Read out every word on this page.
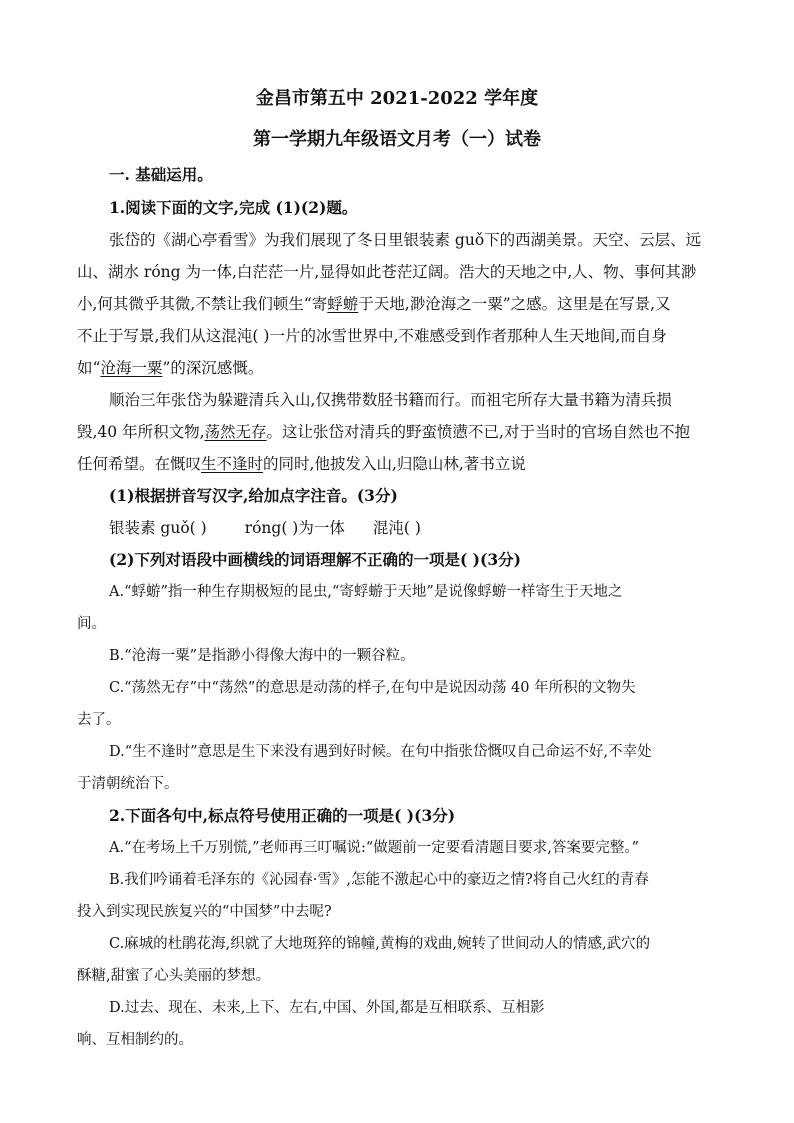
金昌市第五中 2021-2022 学年度
第一学期九年级语文月考（一）试卷
一. 基础运用。
1.阅读下面的文字,完成 (1)(2)题。
张岱的《湖心亭看雪》为我们展现了冬日里银装素 guǒ下的西湖美景。天空、云层、远
山、湖水 róng 为一体,白茫茫一片,显得如此苍茫辽阔。浩大的天地之中,人、物、事何其渺
小,何其微乎其微,不禁让我们顿生“寄蜉蝣于天地,渺沧海之一粟”之感。这里是在写景,又
不止于写景,我们从这混沌( )一片的冰雪世界中,不难感受到作者那种人生天地间,而自身
如“沧海一粟”的深沉感慨。
顺治三年张岱为躲避清兵入山,仅携带数胫书籍而行。而祖宅所存大量书籍为清兵损
毁,40 年所积文物,荡然无存。这让张岱对清兵的野蛮愤懑不已,对于当时的官场自然也不抱
任何希望。在慨叹生不逢时的同时,他披发入山,归隐山林,著书立说
(1)根据拼音写汉字,给加点字注音。(3分)
银装素 guǒ( ) róng( )为一体 混沌( )
(2)下列对语段中画横线的词语理解不正确的一项是( )(3分)
A.“蜉蝣”指一种生存期极短的昆虫,“寄蜉蝣于天地”是说像蜉蝣一样寄生于天地之
间。
B.“沧海一粟”是指渺小得像大海中的一颗谷粒。
C.“荡然无存”中“荡然”的意思是动荡的样子,在句中是说因动荡 40 年所积的文物失
去了。
D.“生不逢时”意思是生下来没有遇到好时候。在句中指张岱慨叹自己命运不好,不幸处
于清朝统治下。
2.下面各句中,标点符号使用正确的一项是( )(3分)
A.“在考场上千万别慌,”老师再三叮嘱说:“做题前一定要看清题目要求,答案要完整。”
B.我们吟诵着毛泽东的《沁园春·雪》,怎能不激起心中的豪迈之情?将自己火红的青春
投入到实现民族复兴的“中国梦”中去呢?
C.麻城的杜鹃花海,织就了大地斑猝的锦幢,黄梅的戏曲,婉转了世间动人的情感,武穴的
酥糖,甜蜜了心头美丽的梦想。
D.过去、现在、未来,上下、左右,中国、外国,都是互相联系、互相影
响、互相制约的。
